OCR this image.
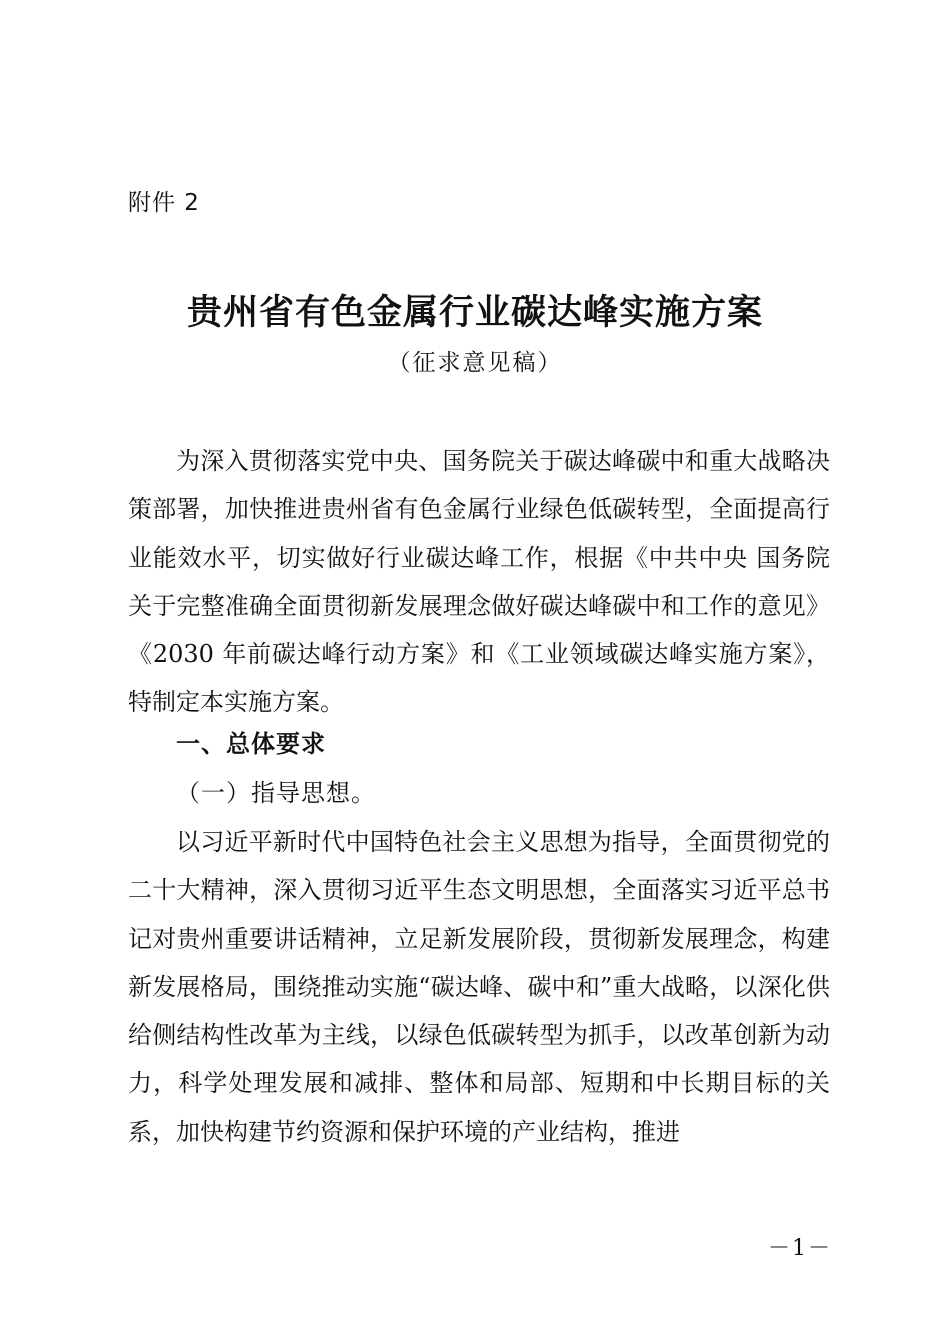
附件 2
贵州省有色金属行业碳达峰实施方案
（征求意见稿）
为深入贯彻落实党中央、国务院关于碳达峰碳中和重大战略决策部署，加快推进贵州省有色金属行业绿色低碳转型，全面提高行业能效水平，切实做好行业碳达峰工作，根据《中共中央 国务院关于完整准确全面贯彻新发展理念做好碳达峰碳中和工作的意见》《2030 年前碳达峰行动方案》和《工业领域碳达峰实施方案》，特制定本实施方案。
一、总体要求
（一）指导思想。
以习近平新时代中国特色社会主义思想为指导，全面贯彻党的二十大精神，深入贯彻习近平生态文明思想，全面落实习近平总书记对贵州重要讲话精神，立足新发展阶段，贯彻新发展理念，构建新发展格局，围绕推动实施“碳达峰、碳中和”重大战略，以深化供给侧结构性改革为主线，以绿色低碳转型为抓手，以改革创新为动力，科学处理发展和减排、整体和局部、短期和中长期目标的关系，加快构建节约资源和保护环境的产业结构，推进
－1－
